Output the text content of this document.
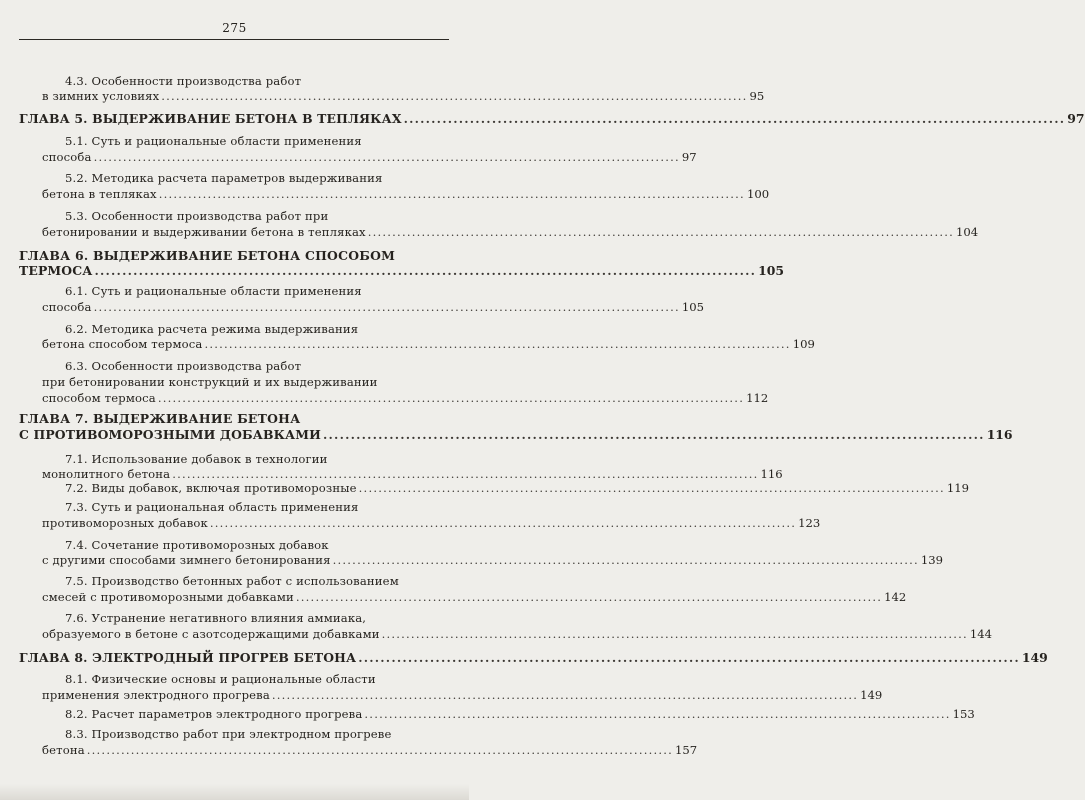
275
4.3. Особенности производства работ
в зимних условиях ........................................................................................................................ 95
ГЛАВА 5. ВЫДЕРЖИВАНИЕ БЕТОНА В ТЕПЛЯКАХ ........................................................................................................................ 97
5.1. Суть и рациональные области применения
способа ........................................................................................................................ 97
5.2. Методика расчета параметров выдерживания
бетона в тепляках ........................................................................................................................ 100
5.3. Особенности производства работ при
бетонировании и выдерживании бетона в тепляках ........................................................................................................................ 104
ГЛАВА 6. ВЫДЕРЖИВАНИЕ БЕТОНА СПОСОБОМ
ТЕРМОСА ........................................................................................................................ 105
6.1. Суть и рациональные области применения
способа ........................................................................................................................ 105
6.2. Методика расчета режима выдерживания
бетона способом термоса ........................................................................................................................ 109
6.3. Особенности производства работ
при бетонировании конструкций и их выдерживании
способом термоса ........................................................................................................................ 112
ГЛАВА 7. ВЫДЕРЖИВАНИЕ БЕТОНА
С ПРОТИВОМОРОЗНЫМИ ДОБАВКАМИ ........................................................................................................................ 116
7.1. Использование добавок в технологии
монолитного бетона ........................................................................................................................ 116
7.2. Виды добавок, включая противоморозные ........................................................................................................................ 119
7.3. Суть и рациональная область применения
противоморозных добавок ........................................................................................................................ 123
7.4. Сочетание противоморозных добавок
с другими способами зимнего бетонирования ........................................................................................................................ 139
7.5. Производство бетонных работ с использованием
смесей с противоморозными добавками ........................................................................................................................ 142
7.6. Устранение негативного влияния аммиака,
образуемого в бетоне с азотсодержащими добавками ........................................................................................................................ 144
ГЛАВА 8. ЭЛЕКТРОДНЫЙ ПРОГРЕВ БЕТОНА ........................................................................................................................ 149
8.1. Физические основы и рациональные области
применения электродного прогрева ........................................................................................................................ 149
8.2. Расчет параметров электродного прогрева ........................................................................................................................ 153
8.3. Производство работ при электродном прогреве
бетона ........................................................................................................................ 157
